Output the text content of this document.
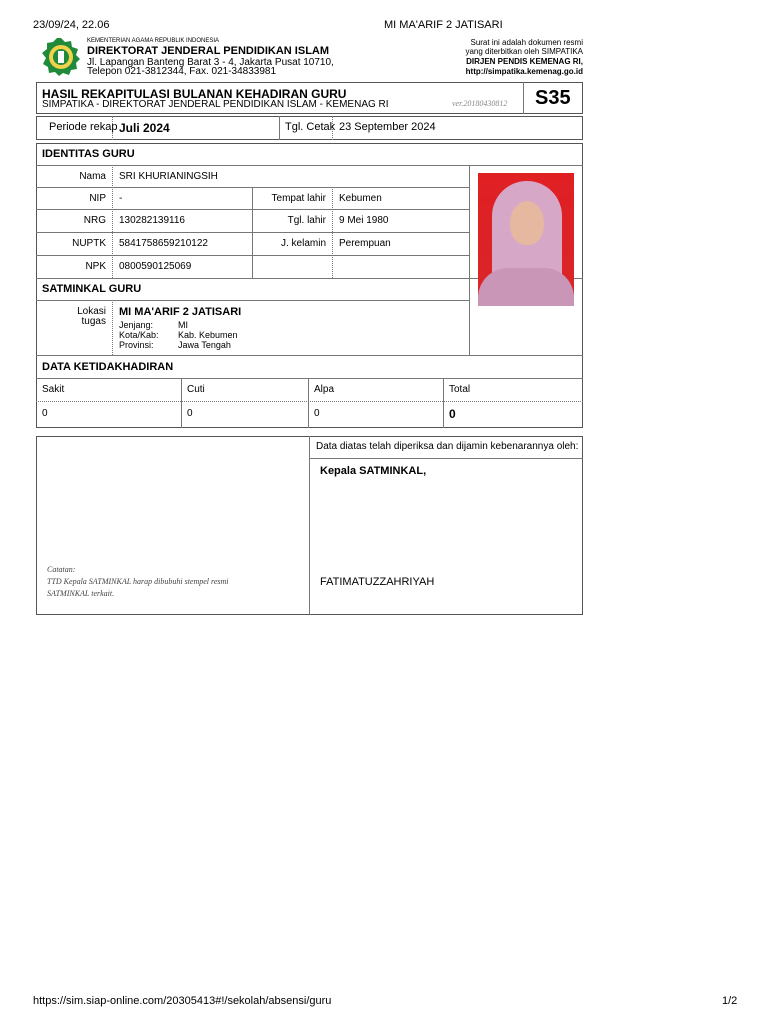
23/09/24, 22.06	MI MA'ARIF 2 JATISARI
https://sim.siap-online.com/20305413#!/sekolah/absensi/guru	1/2
KEMENTERIAN AGAMA REPUBLIK INDONESIA
DIREKTORAT JENDERAL PENDIDIKAN ISLAM
Jl. Lapangan Banteng Barat 3 - 4, Jakarta Pusat 10710,
Telepon 021-3812344, Fax. 021-34833981
Surat ini adalah dokumen resmi
yang diterbitkan oleh SIMPATIKA
DIRJEN PENDIS KEMENAG RI,
http://simpatika.kemenag.go.id
HASIL REKAPITULASI BULANAN KEHADIRAN GURU
SIMPATIKA - DIREKTORAT JENDERAL PENDIDIKAN ISLAM - KEMENAG RI	ver.20180430812 S35
Periode rekap Juli 2024	Tgl. Cetak 23 September 2024
IDENTITAS GURU
Nama SRI KHURIANINGSIH
NIP -	Tempat lahir Kebumen
NRG 130282139116	Tgl. lahir 9 Mei 1980
NUPTK 5841758659210122	J. kelamin Perempuan
NPK 0800590125069
SATMINKAL GURU
Lokasi
tugas
MI MA'ARIF 2 JATISARI
Jenjang:	MI
Kota/Kab: Kab. Kebumen
Provinsi:	Jawa Tengah
DATA KETIDAKHADIRAN
Sakit	Cuti	Alpa	Total
0	0	0	0
Data diatas telah diperiksa dan dijamin kebenarannya oleh:
Kepala SATMINKAL,
FATIMATUZZAHRIYAH
Catatan:
TTD Kepala SATMINKAL harap dibubuhi stempel resmi
SATMINKAL terkait.
